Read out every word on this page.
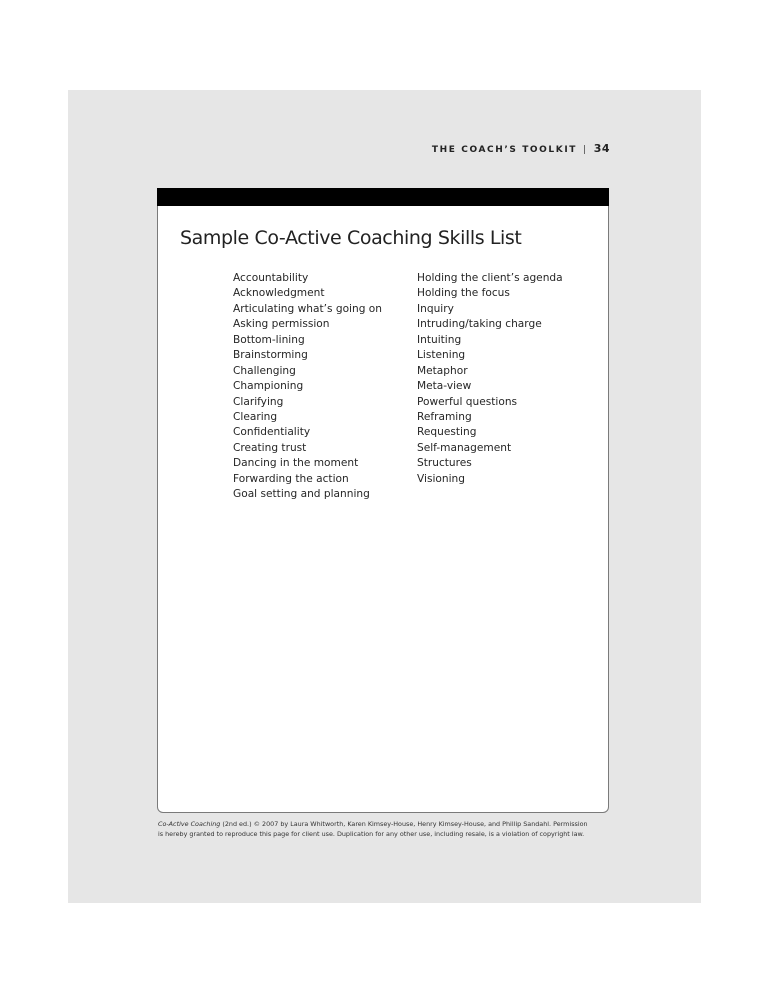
THE COACH’S TOOLKIT | 34
Sample Co-Active Coaching Skills List
Accountability
Acknowledgment
Articulating what’s going on
Asking permission
Bottom-lining
Brainstorming
Challenging
Championing
Clarifying
Clearing
Confidentiality
Creating trust
Dancing in the moment
Forwarding the action
Goal setting and planning
Holding the client’s agenda
Holding the focus
Inquiry
Intruding/taking charge
Intuiting
Listening
Metaphor
Meta-view
Powerful questions
Reframing
Requesting
Self-management
Structures
Visioning
Co-Active Coaching (2nd ed.) © 2007 by Laura Whitworth, Karen Kimsey-House, Henry Kimsey-House, and Phillip Sandahl. Permission
is hereby granted to reproduce this page for client use. Duplication for any other use, including resale, is a violation of copyright law.
